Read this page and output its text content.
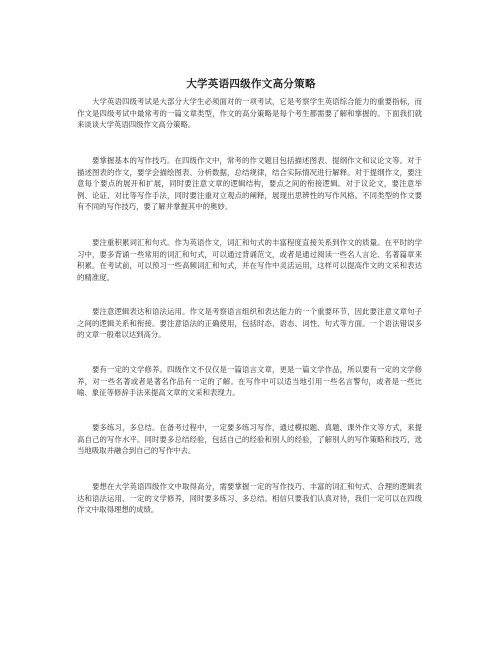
大学英语四级作文高分策略

大学英语四级考试是大部分大学生必须面对的一项考试，它是考察学生英语综合能力的重要指标，而作文是四级考试中最常考的一篇文章类型，作文的高分策略是每个考生都需要了解和掌握的。下面我们就来谈谈大学英语四级作文高分策略。

要掌握基本的写作技巧。在四级作文中，常考的作文题目包括描述图表、提纲作文和议论文等。对于描述图表的作文，要学会描绘图表、分析数据，总结规律，结合实际情况进行解释。对于提纲作文，要注意每个要点的展开和扩展，同时要注意文章的逻辑结构，要点之间的衔接逻辑。对于议论文，要注意举例、论证、对比等写作手法，同时要注重对立观点的阐释，展现出思辨性的写作风格。不同类型的作文要有不同的写作技巧，要了解并掌握其中的奥妙。

要注重积累词汇和句式。作为英语作文，词汇和句式的丰富程度直接关系到作文的质量。在平时的学习中，要多背诵一些常用的词汇和句式，可以通过背诵范文，或者是通过阅读一些名人言论、名著篇章来积累。在考试前，可以预习一些高频词汇和句式，并在写作中灵活运用，这样可以提高作文的文采和表达的精准度。

要注意逻辑表达和语法运用。作文是考察语言组织和表达能力的一个重要环节，因此要注意文章句子之间的逻辑关系和衔接。要注意语法的正确使用，包括时态、语态、词性、句式等方面。一个语法错误多的文章一般难以达到高分。

要有一定的文学修养。四级作文不仅仅是一篇语言文章，更是一篇文学作品，所以要有一定的文学修养，对一些名著或者是著名作品有一定的了解。在写作中可以适当地引用一些名言警句，或者是一些比喻、象征等修辞手法来提高文章的文采和表现力。

要多练习，多总结。在备考过程中，一定要多练习写作，通过模拟题、真题、课外作文等方式，来提高自己的写作水平。同时要多总结经验，包括自己的经验和别人的经验，了解别人的写作策略和技巧，选当地吸取并融合到自己的写作中去。

要想在大学英语四级作文中取得高分，需要掌握一定的写作技巧、丰富的词汇和句式、合理的逻辑表达和语法运用、一定的文学修养，同时要多练习、多总结。相信只要我们认真对待，我们一定可以在四级作文中取得理想的成绩。
